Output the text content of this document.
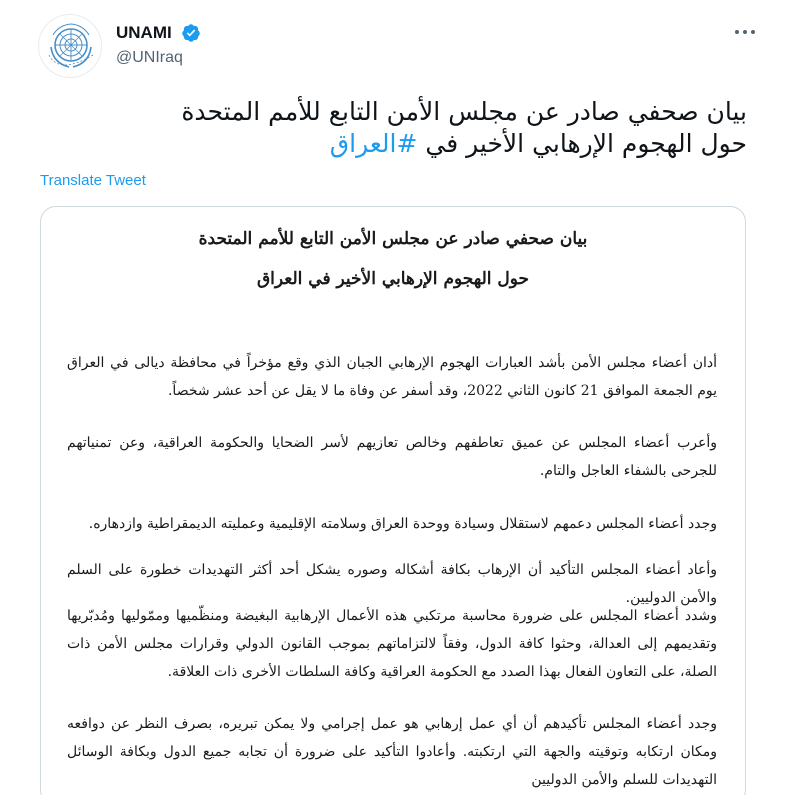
UNAMI
@UNIraq
بيان صحفي صادر عن مجلس الأمن التابع للأمم المتحدة
حول الهجوم الإرهابي الأخير في #العراق
Translate Tweet
بيان صحفي صادر عن مجلس الأمن التابع للأمم المتحدة
حول الهجوم الإرهابي الأخير في العراق
أدان أعضاء مجلس الأمن بأشد العبارات الهجوم الإرهابي الجبان الذي وقع مؤخراً في محافظة ديالى في العراق يوم الجمعة الموافق 21 كانون الثاني 2022، وقد أسفر عن وفاة ما لا يقل عن أحد عشر شخصاً.
وأعرب أعضاء المجلس عن عميق تعاطفهم وخالص تعازيهم لأسر الضحايا والحكومة العراقية، وعن تمنياتهم للجرحى بالشفاء العاجل والتام.
وجدد أعضاء المجلس دعمهم لاستقلال وسيادة ووحدة العراق وسلامته الإقليمية وعمليته الديمقراطية وازدهاره.
وأعاد أعضاء المجلس التأكيد أن الإرهاب بكافة أشكاله وصوره يشكل أحد أكثر التهديدات خطورة على السلم والأمن الدوليين.
وشدد أعضاء المجلس على ضرورة محاسبة مرتكبي هذه الأعمال الإرهابية البغيضة ومنظّميها وممّوليها ومُدبّريها وتقديمهم إلى العدالة، وحثوا كافة الدول، وفقاً لالتزاماتهم بموجب القانون الدولي وقرارات مجلس الأمن ذات الصلة، على التعاون الفعال بهذا الصدد مع الحكومة العراقية وكافة السلطات الأخرى ذات العلاقة.
وجدد أعضاء المجلس تأكيدهم أن أي عمل إرهابي هو عمل إجرامي ولا يمكن تبريره، بصرف النظر عن دوافعه ومكان ارتكابه وتوقيته والجهة التي ارتكبته. وأعادوا التأكيد على ضرورة أن تجابه جميع الدول وبكافة الوسائل التهديدات للسلم والأمن الدوليين
